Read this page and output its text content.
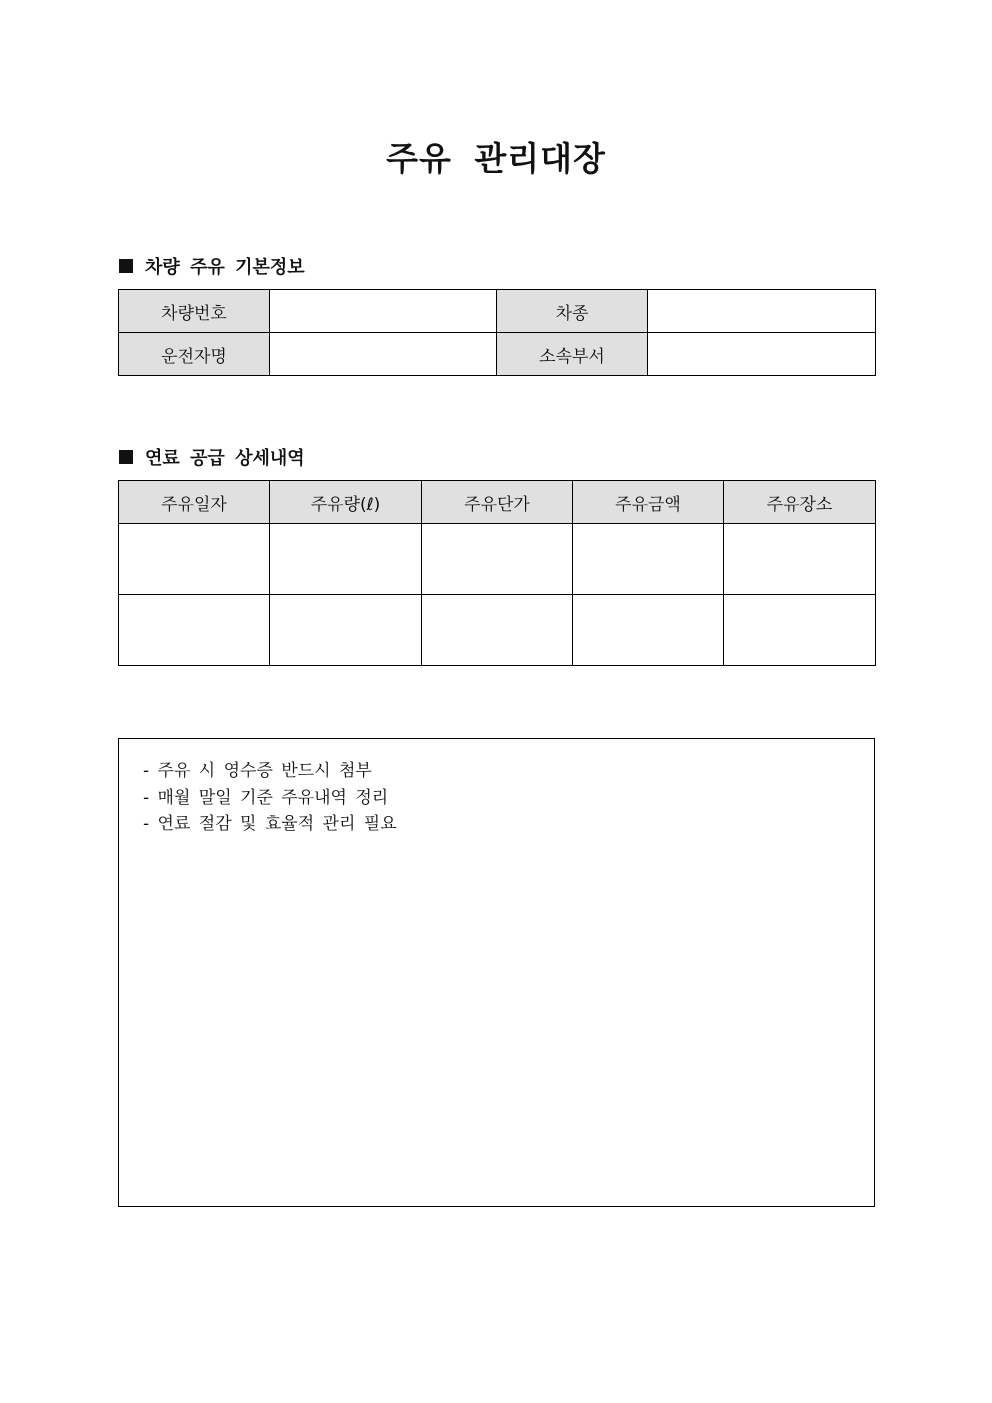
주유 관리대장
차량 주유 기본정보
차량번호		차종	
운전자명		소속부서	
연료 공급 상세내역
주유일자	주유량(ℓ)	주유단가	주유금액	주유장소

- 주유 시 영수증 반드시 첨부
- 매월 말일 기준 주유내역 정리
- 연료 절감 및 효율적 관리 필요
